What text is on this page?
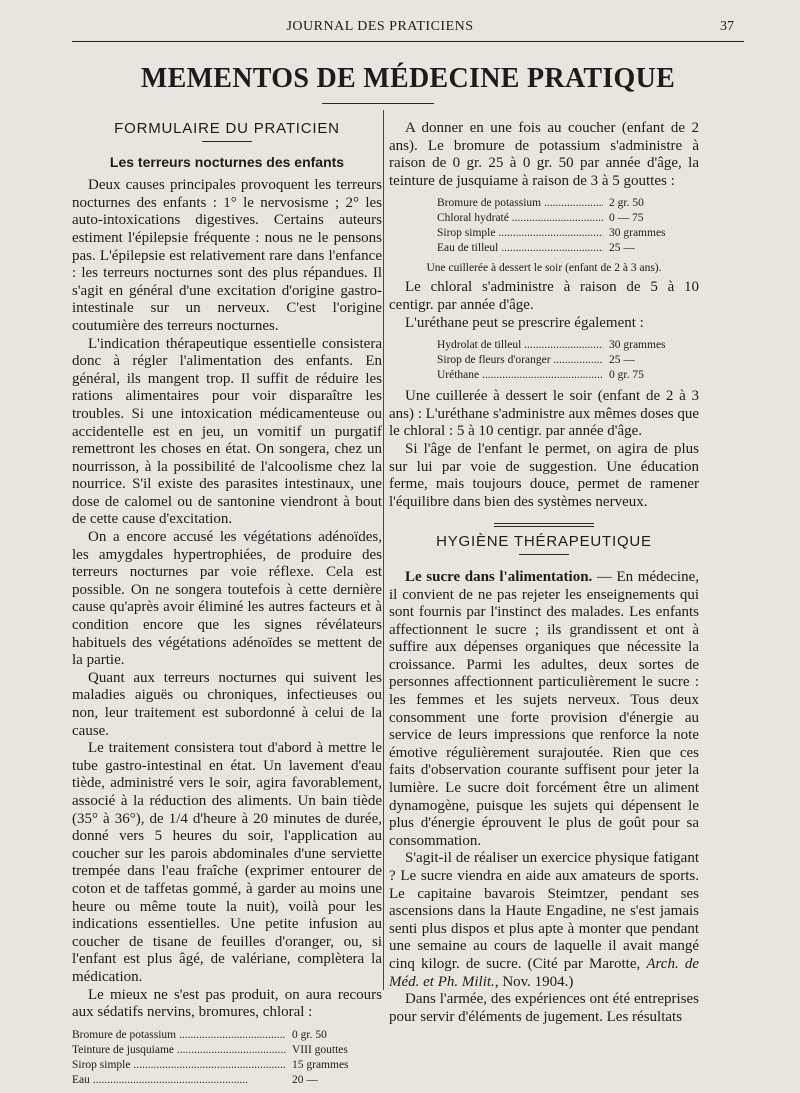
JOURNAL DES PRATICIENS	37
MEMENTOS DE MÉDECINE PRATIQUE
FORMULAIRE DU PRATICIEN
Les terreurs nocturnes des enfants

Deux causes principales provoquent les terreurs nocturnes des enfants : 1° le nervosisme ; 2° les auto-intoxications digestives. Certains auteurs estiment l'épilepsie fréquente : nous ne le pensons pas. L'épilepsie est relativement rare dans l'enfance : les terreurs nocturnes sont des plus répandues. Il s'agit en général d'une excitation d'origine gastro-intestinale sur un nerveux. C'est l'origine coutumière des terreurs nocturnes.

L'indication thérapeutique essentielle consistera donc à régler l'alimentation des enfants. En général, ils mangent trop. Il suffit de réduire les rations alimentaires pour voir disparaître les troubles. Si une intoxication médicamenteuse ou accidentelle est en jeu, un vomitif un purgatif remettront les choses en état. On songera, chez un nourrisson, à la possibilité de l'alcoolisme chez la nourrice. S'il existe des parasites intestinaux, une dose de calomel ou de santonine viendront à bout de cette cause d'excitation.

On a encore accusé les végétations adénoïdes, les amygdales hypertrophiées, de produire des terreurs nocturnes par voie réflexe. Cela est possible. On ne songera toutefois à cette dernière cause qu'après avoir éliminé les autres facteurs et à condition encore que les signes révélateurs habituels des végétations adénoïdes se mettent de la partie.

Quant aux terreurs nocturnes qui suivent les maladies aiguës ou chroniques, infectieuses ou non, leur traitement est subordonné à celui de la cause.

Le traitement consistera tout d'abord à mettre le tube gastro-intestinal en état. Un lavement d'eau tiède, administré vers le soir, agira favorablement, associé à la réduction des aliments. Un bain tiède (35° à 36°), de 1/4 d'heure à 20 minutes de durée, donné vers 5 heures du soir, l'application au coucher sur les parois abdominales d'une serviette trempée dans l'eau fraîche (exprimer entourer de coton et de taffetas gommé, à garder au moins une heure ou même toute la nuit), voilà pour les indications essentielles. Une petite infusion au coucher de tisane de feuilles d'oranger, ou, si l'enfant est plus âgé, de valériane, complètera la médication.

Le mieux ne s'est pas produit, on aura recours aux sédatifs nervins, bromures, chloral :

Bromure de potassium .....	0 gr. 50
Teinture de jusquiame .....	VIII gouttes
Sirop simple .....	15 grammes
Eau .....	20 —

A donner en une fois au coucher (enfant de 2 ans). Le bromure de potassium s'administre à raison de 0 gr. 25 à 0 gr. 50 par année d'âge, la teinture de jusquiame à raison de 3 à 5 gouttes :

Bromure de potassium .....	2 gr. 50
Chloral hydraté .....	0 — 75
Sirop simple .....	30 grammes
Eau de tilleul .....	25 —
Une cuillerée à dessert le soir (enfant de 2 à 3 ans).

Le chloral s'administre à raison de 5 à 10 centigr. par année d'âge.

L'uréthane peut se prescrire également :

Hydrolat de tilleul .....	30 grammes
Sirop de fleurs d'oranger .....	25 —
Uréthane .....	0 gr. 75

Une cuillerée à dessert le soir (enfant de 2 à 3 ans) : L'uréthane s'administre aux mêmes doses que le chloral : 5 à 10 centigr. par année d'âge.

Si l'âge de l'enfant le permet, on agira de plus sur lui par voie de suggestion. Une éducation ferme, mais toujours douce, permet de ramener l'équilibre dans bien des systèmes nerveux.

HYGIÈNE THÉRAPEUTIQUE

Le sucre dans l'alimentation. — En médecine, il convient de ne pas rejeter les enseignements qui sont fournis par l'instinct des malades. Les enfants affectionnent le sucre ; ils grandissent et ont à suffire aux dépenses organiques que nécessite la croissance. Parmi les adultes, deux sortes de personnes affectionnent particulièrement le sucre : les femmes et les sujets nerveux. Tous deux consomment une forte provision d'énergie au service de leurs impressions que renforce la note émotive régulièrement surajoutée. Rien que ces faits d'observation courante suffisent pour jeter la lumière. Le sucre doit forcément être un aliment dynamogène, puisque les sujets qui dépensent le plus d'énergie éprouvent le plus de goût pour sa consommation.

S'agit-il de réaliser un exercice physique fatigant ? Le sucre viendra en aide aux amateurs de sports. Le capitaine bavarois Steimtzer, pendant ses ascensions dans la Haute Engadine, ne s'est jamais senti plus dispos et plus apte à monter que pendant une semaine au cours de laquelle il avait mangé cinq kilogr. de sucre. (Cité par Marotte, Arch. de Méd. et Ph. Milit., Nov. 1904.)

Dans l'armée, des expériences ont été entreprises pour servir d'éléments de jugement. Les résultats
